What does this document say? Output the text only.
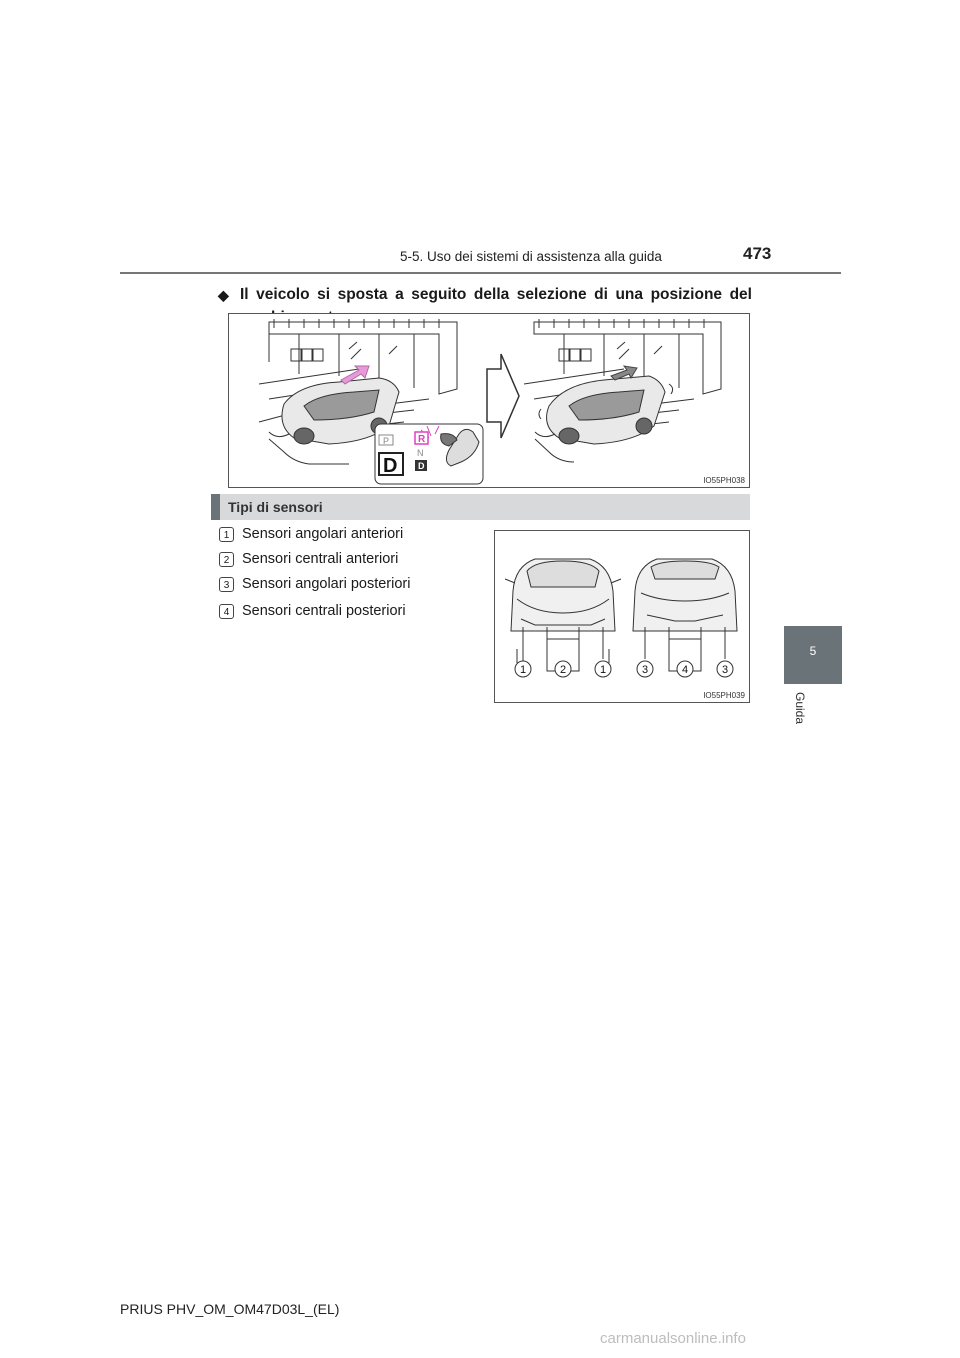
5-5. Uso dei sistemi di assistenza alla guida	473
◆ Il veicolo si sposta a seguito della selezione di una posizione del
P	R
N
D D
IO55PH038
Tipi di sensori
1 Sensori angolari anteriori
2 Sensori centrali anteriori
3 Sensori angolari posteriori
4 Sensori centrali posteriori
1	2	1	3	4	3
IO55PH039
5
Guida
PRIUS PHV_OM_OM47D03L_(EL)
carmanualsonline.info
